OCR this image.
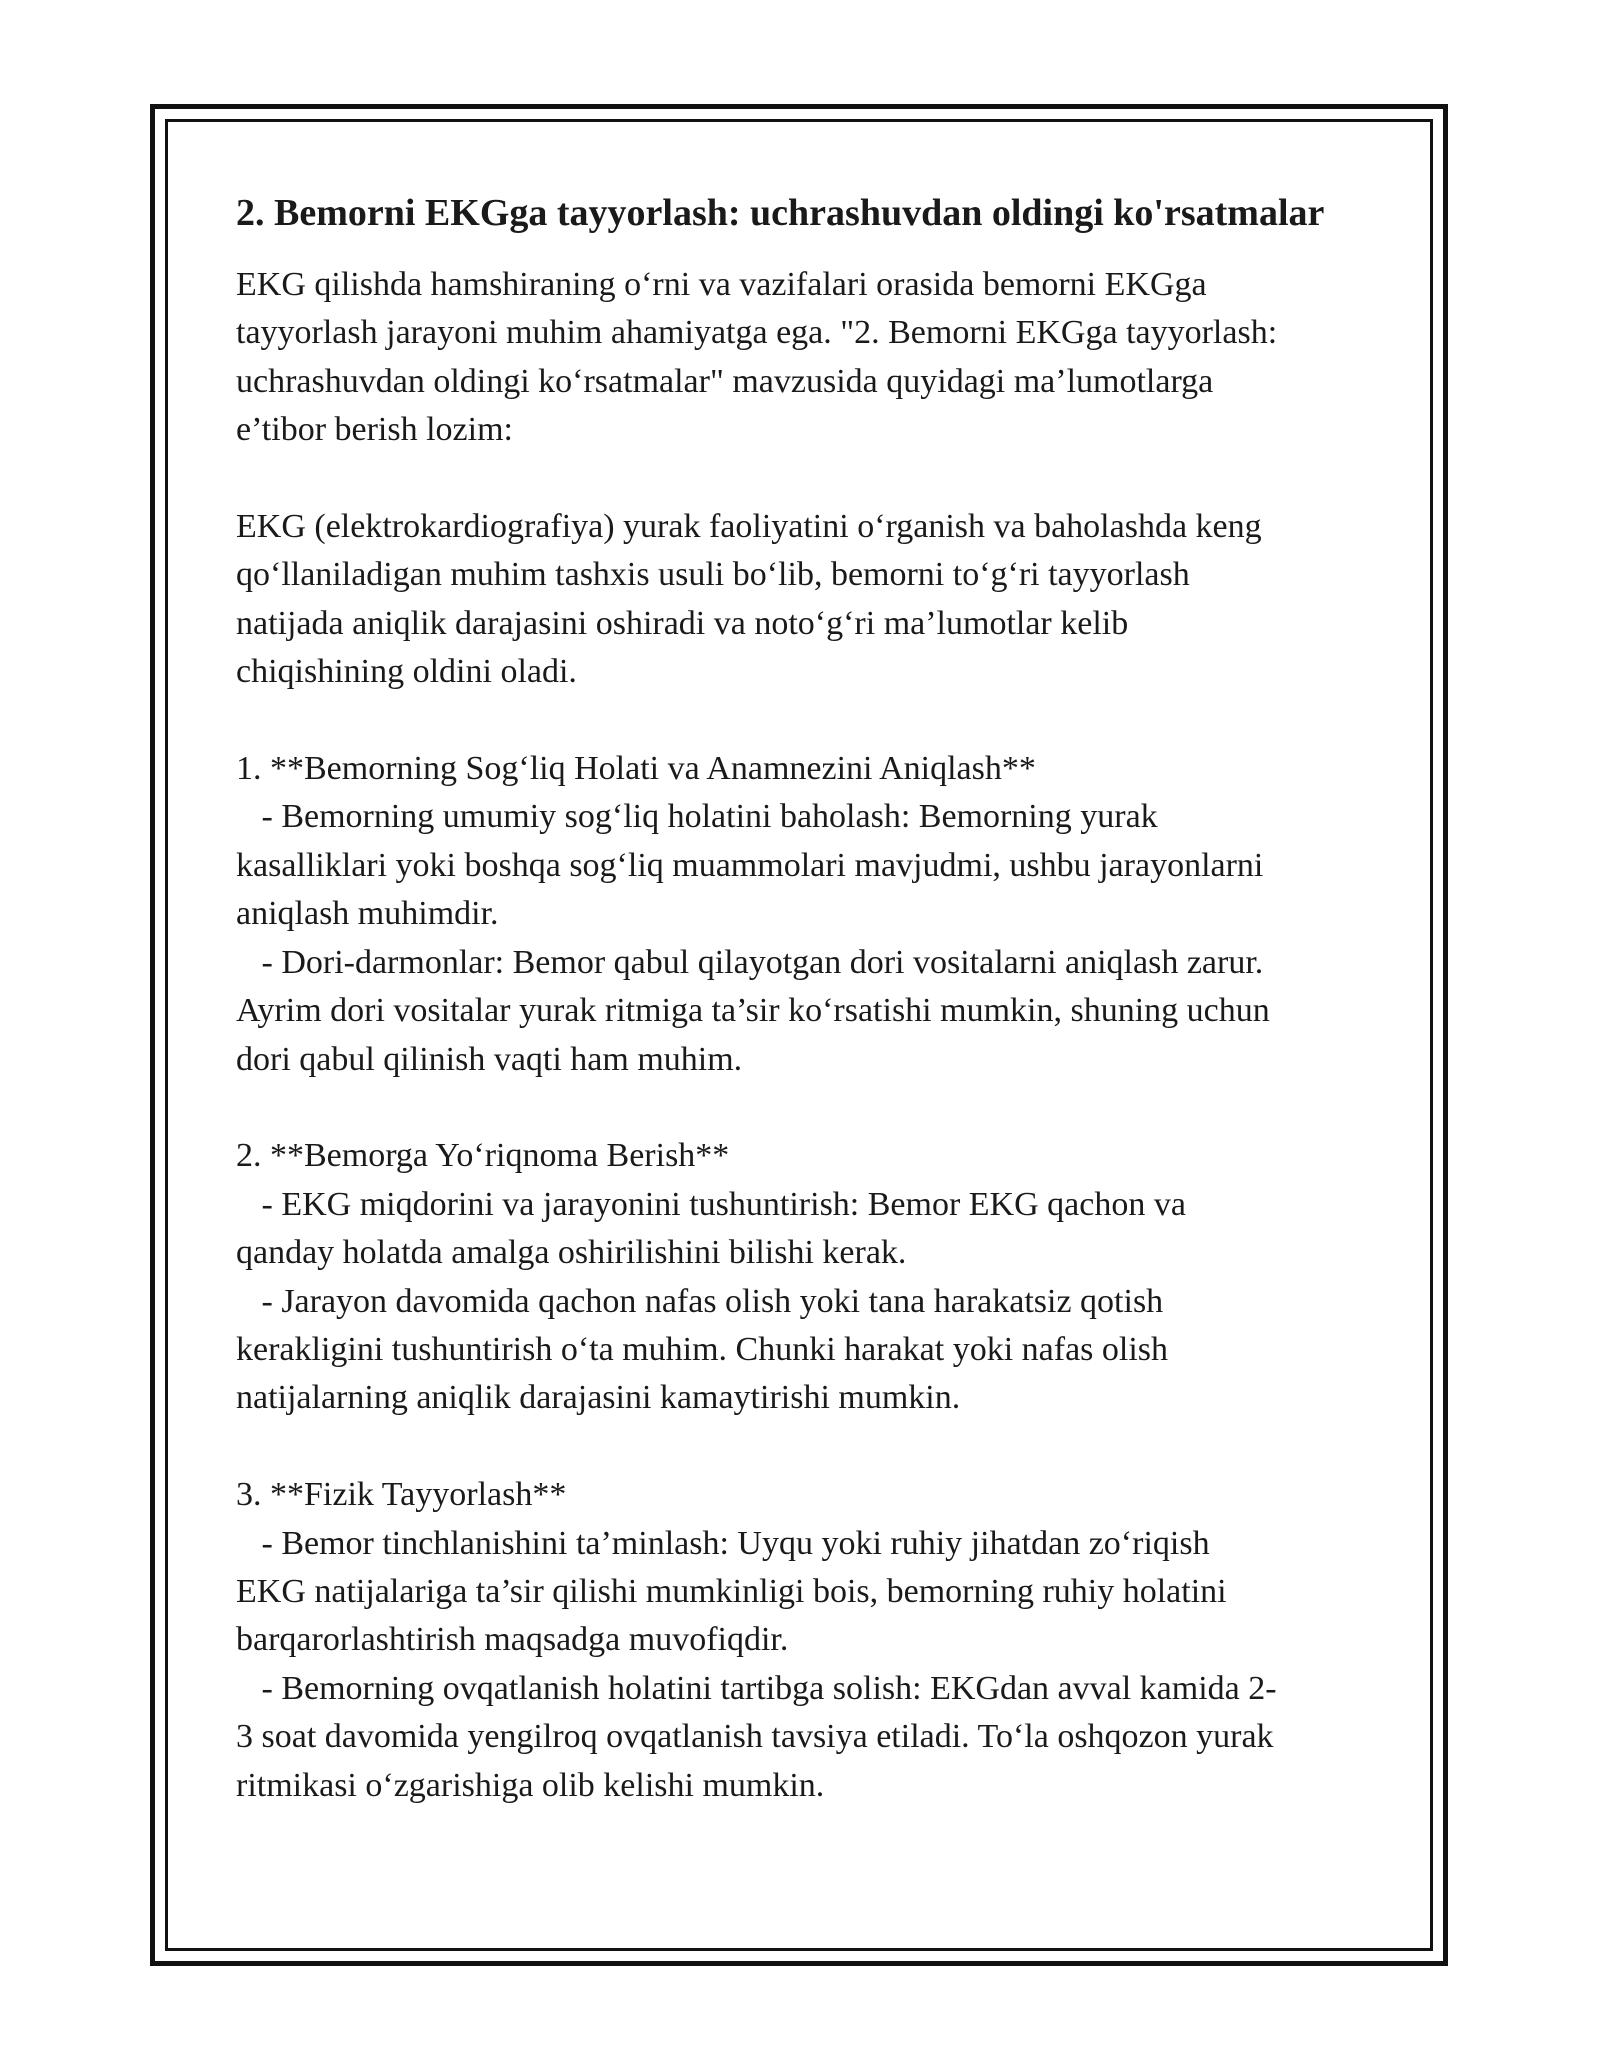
2. Bemorni EKGga tayyorlash: uchrashuvdan oldingi ko'rsatmalar

EKG qilishda hamshiraning o‘rni va vazifalari orasida bemorni EKGga
tayyorlash jarayoni muhim ahamiyatga ega. "2. Bemorni EKGga tayyorlash:
uchrashuvdan oldingi ko‘rsatmalar" mavzusida quyidagi ma’lumotlarga
e’tibor berish lozim:

EKG (elektrokardiografiya) yurak faoliyatini o‘rganish va baholashda keng
qo‘llaniladigan muhim tashxis usuli bo‘lib, bemorni to‘g‘ri tayyorlash
natijada aniqlik darajasini oshiradi va noto‘g‘ri ma’lumotlar kelib
chiqishining oldini oladi.

1. **Bemorning Sog‘liq Holati va Anamnezini Aniqlash**
- Bemorning umumiy sog‘liq holatini baholash: Bemorning yurak
kasalliklari yoki boshqa sog‘liq muammolari mavjudmi, ushbu jarayonlarni
aniqlash muhimdir.
- Dori-darmonlar: Bemor qabul qilayotgan dori vositalarni aniqlash zarur.
Ayrim dori vositalar yurak ritmiga ta’sir ko‘rsatishi mumkin, shuning uchun
dori qabul qilinish vaqti ham muhim.

2. **Bemorga Yo‘riqnoma Berish**
- EKG miqdorini va jarayonini tushuntirish: Bemor EKG qachon va
qanday holatda amalga oshirilishini bilishi kerak.
- Jarayon davomida qachon nafas olish yoki tana harakatsiz qotish
kerakligini tushuntirish o‘ta muhim. Chunki harakat yoki nafas olish
natijalarning aniqlik darajasini kamaytirishi mumkin.

3. **Fizik Tayyorlash**
- Bemor tinchlanishini ta’minlash: Uyqu yoki ruhiy jihatdan zo‘riqish
EKG natijalariga ta’sir qilishi mumkinligi bois, bemorning ruhiy holatini
barqarorlashtirish maqsadga muvofiqdir.
- Bemorning ovqatlanish holatini tartibga solish: EKGdan avval kamida 2-
3 soat davomida yengilroq ovqatlanish tavsiya etiladi. To‘la oshqozon yurak
ritmikasi o‘zgarishiga olib kelishi mumkin.
